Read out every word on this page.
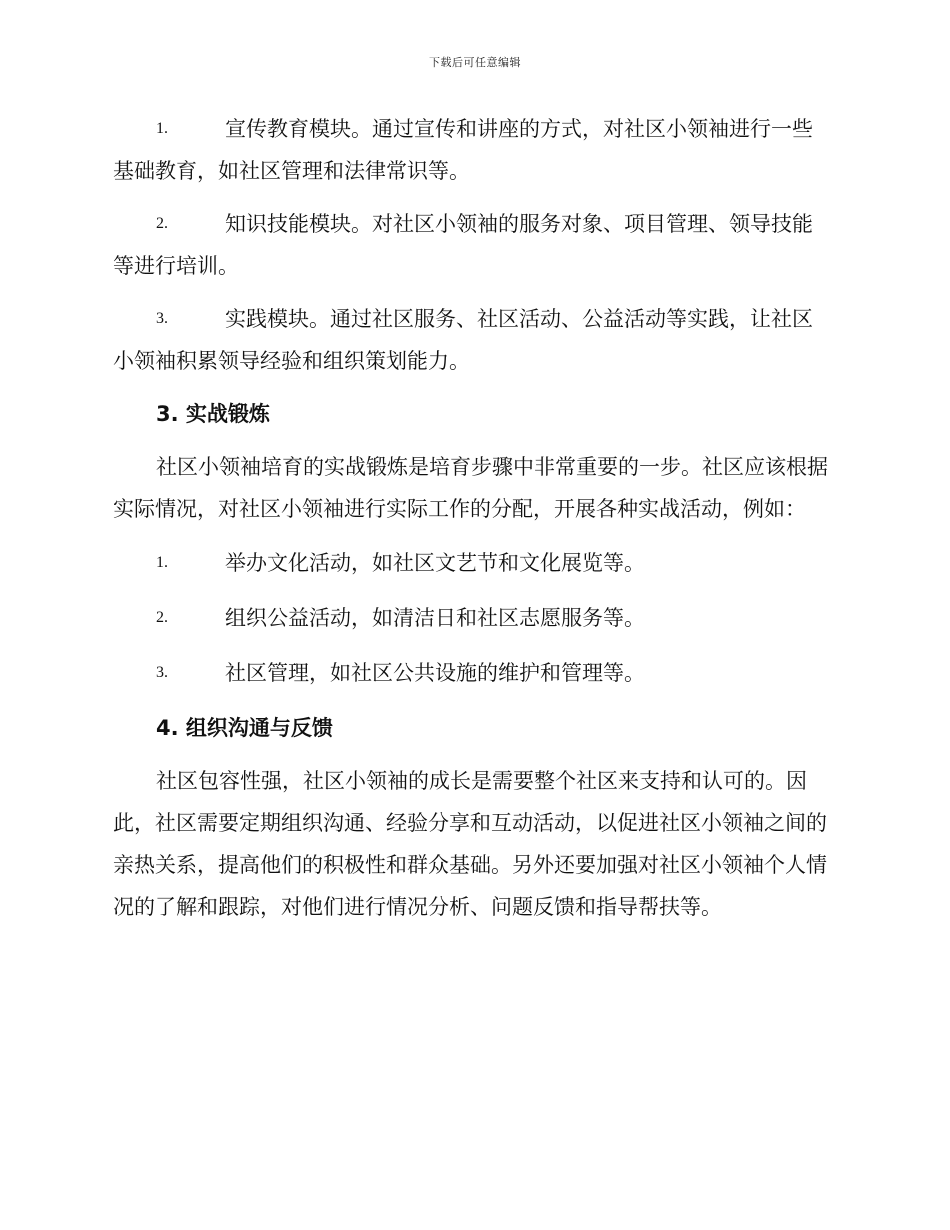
下载后可任意编辑
1.	宣传教育模块。通过宣传和讲座的方式，对社区小领袖进行一些基础教育，如社区管理和法律常识等。
2.	知识技能模块。对社区小领袖的服务对象、项目管理、领导技能等进行培训。
3.	实践模块。通过社区服务、社区活动、公益活动等实践，让社区小领袖积累领导经验和组织策划能力。
3. 实战锻炼
社区小领袖培育的实战锻炼是培育步骤中非常重要的一步。社区应该根据实际情况，对社区小领袖进行实际工作的分配，开展各种实战活动，例如：
1.	举办文化活动，如社区文艺节和文化展览等。
2.	组织公益活动，如清洁日和社区志愿服务等。
3.	社区管理，如社区公共设施的维护和管理等。
4. 组织沟通与反馈
社区包容性强，社区小领袖的成长是需要整个社区来支持和认可的。因此，社区需要定期组织沟通、经验分享和互动活动，以促进社区小领袖之间的亲热关系，提高他们的积极性和群众基础。另外还要加强对社区小领袖个人情况的了解和跟踪，对他们进行情况分析、问题反馈和指导帮扶等。
